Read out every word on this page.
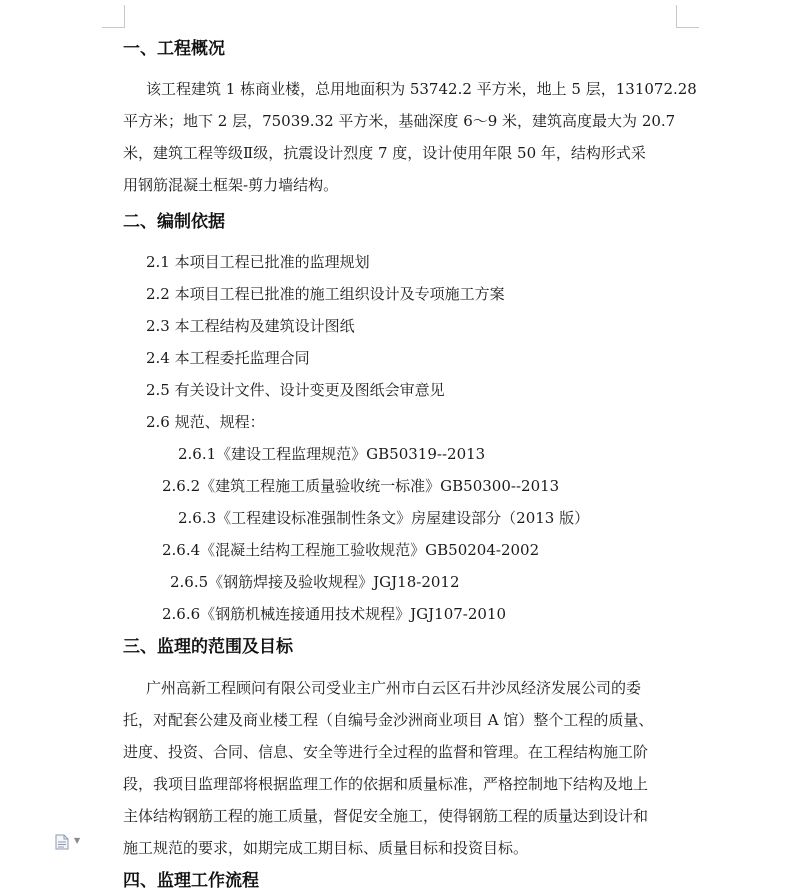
一、工程概况
该工程建筑 1 栋商业楼，总用地面积为 53742.2 平方米，地上 5 层，131072.28
平方米；地下 2 层，75039.32 平方米，基础深度 6～9 米，建筑高度最大为 20.7
米，建筑工程等级Ⅱ级，抗震设计烈度 7 度，设计使用年限 50 年，结构形式采
用钢筋混凝土框架-剪力墙结构。
二、编制依据
2.1 本项目工程已批准的监理规划
2.2 本项目工程已批准的施工组织设计及专项施工方案
2.3 本工程结构及建筑设计图纸
2.4 本工程委托监理合同
2.5 有关设计文件、设计变更及图纸会审意见
2.6 规范、规程：
2.6.1《建设工程监理规范》GB50319--2013
2.6.2《建筑工程施工质量验收统一标准》GB50300--2013
2.6.3《工程建设标准强制性条文》房屋建设部分（2013 版）
2.6.4《混凝土结构工程施工验收规范》GB50204-2002
2.6.5《钢筋焊接及验收规程》JGJ18-2012
2.6.6《钢筋机械连接通用技术规程》JGJ107-2010
三、监理的范围及目标
广州高新工程顾问有限公司受业主广州市白云区石井沙凤经济发展公司的委
托，对配套公建及商业楼工程（自编号金沙洲商业项目 A 馆）整个工程的质量、
进度、投资、合同、信息、安全等进行全过程的监督和管理。在工程结构施工阶
段，我项目监理部将根据监理工作的依据和质量标准，严格控制地下结构及地上
主体结构钢筋工程的施工质量，督促安全施工，使得钢筋工程的质量达到设计和
施工规范的要求，如期完成工期目标、质量目标和投资目标。
四、监理工作流程
▼
